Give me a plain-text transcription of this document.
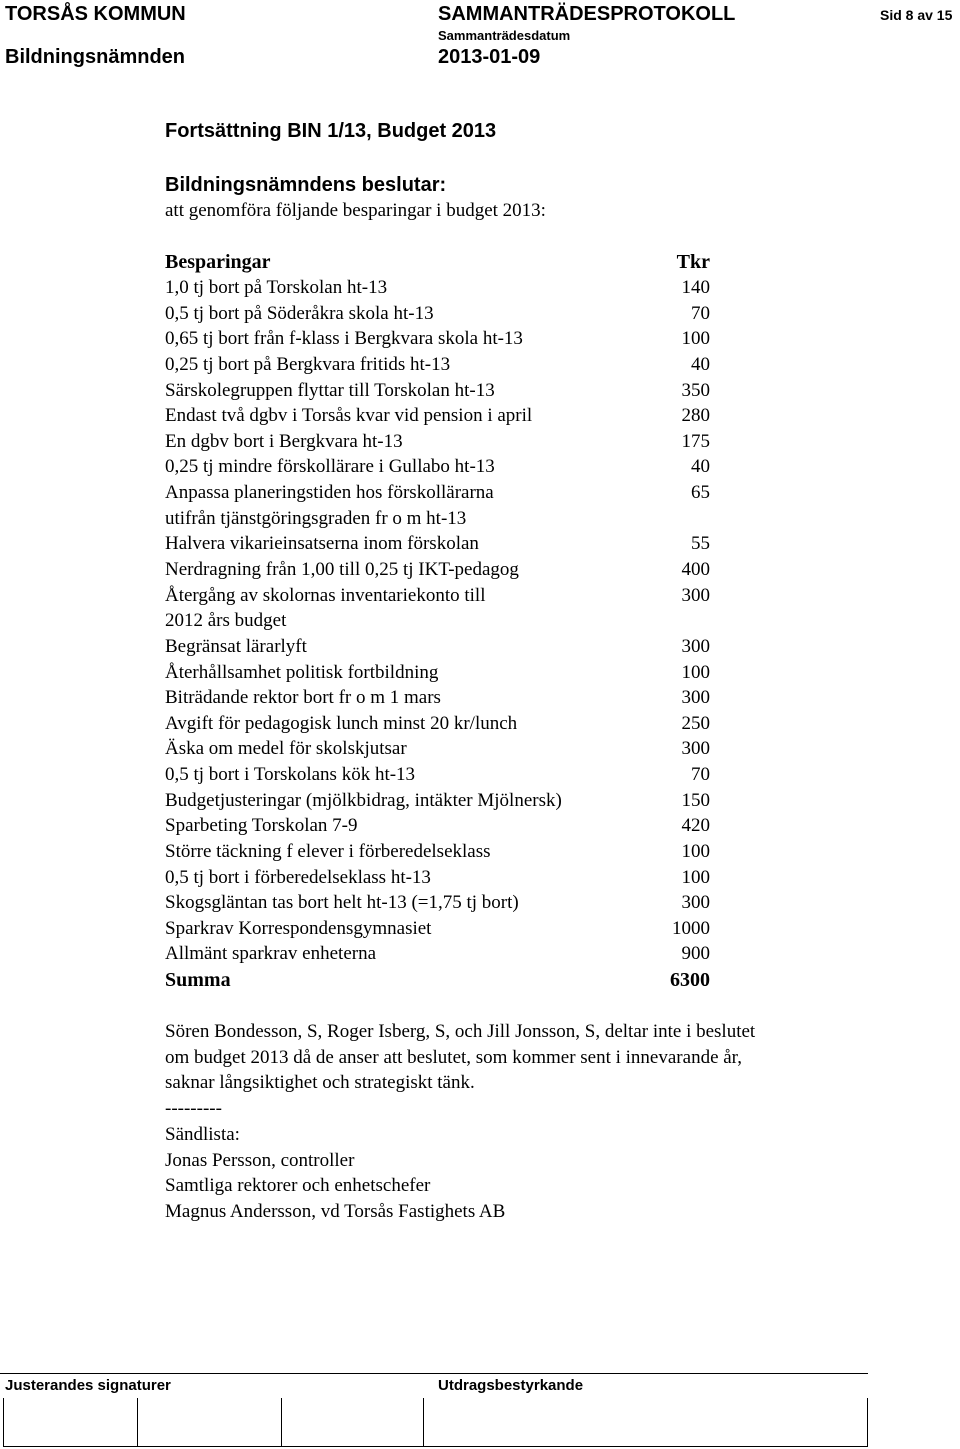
TORSÅS KOMMUN
Bildningsnämnden
SAMMANTRÄDESPROTOKOLL
Sammanträdesdatum
2013-01-09
Sid 8 av 15
Fortsättning BIN 1/13, Budget 2013
Bildningsnämndens beslutar:
att genomföra följande besparingar i budget 2013:
Besparingar	Tkr
1,0 tj bort på Torskolan ht-13	140
0,5 tj bort på Söderåkra skola ht-13	70
0,65 tj bort från f-klass i Bergkvara skola ht-13	100
0,25 tj bort på Bergkvara fritids ht-13	40
Särskolegruppen flyttar till Torskolan ht-13	350
Endast två dgbv i Torsås kvar vid pension i april	280
En dgbv bort i Bergkvara ht-13	175
0,25 tj mindre förskollärare i Gullabo ht-13	40
Anpassa planeringstiden hos förskollärarna	65
utifrån tjänstgöringsgraden fr o m ht-13
Halvera vikarieinsatserna inom förskolan	55
Nerdragning från 1,00 till 0,25 tj IKT-pedagog	400
Återgång av skolornas inventariekonto till	300
2012 års budget
Begränsat lärarlyft	300
Återhållsamhet politisk fortbildning	100
Biträdande rektor bort fr o m 1 mars	300
Avgift för pedagogisk lunch minst 20 kr/lunch	250
Äska om medel för skolskjutsar	300
0,5 tj bort i Torskolans kök ht-13	70
Budgetjusteringar (mjölkbidrag, intäkter Mjölnersk)	150
Sparbeting Torskolan 7-9	420
Större täckning f elever i förberedelseklass	100
0,5 tj bort i förberedelseklass ht-13	100
Skogsgläntan tas bort helt ht-13 (=1,75 tj bort)	300
Sparkrav Korrespondensgymnasiet	1000
Allmänt sparkrav enheterna	900
Summa	6300
Sören Bondesson, S, Roger Isberg, S, och Jill Jonsson, S, deltar inte i beslutet
om budget 2013 då de anser att beslutet, som kommer sent i innevarande år,
saknar långsiktighet och strategiskt tänk.
---------
Sändlista:
Jonas Persson, controller
Samtliga rektorer och enhetschefer
Magnus Andersson, vd Torsås Fastighets AB
Justerandes signaturer	Utdragsbestyrkande
